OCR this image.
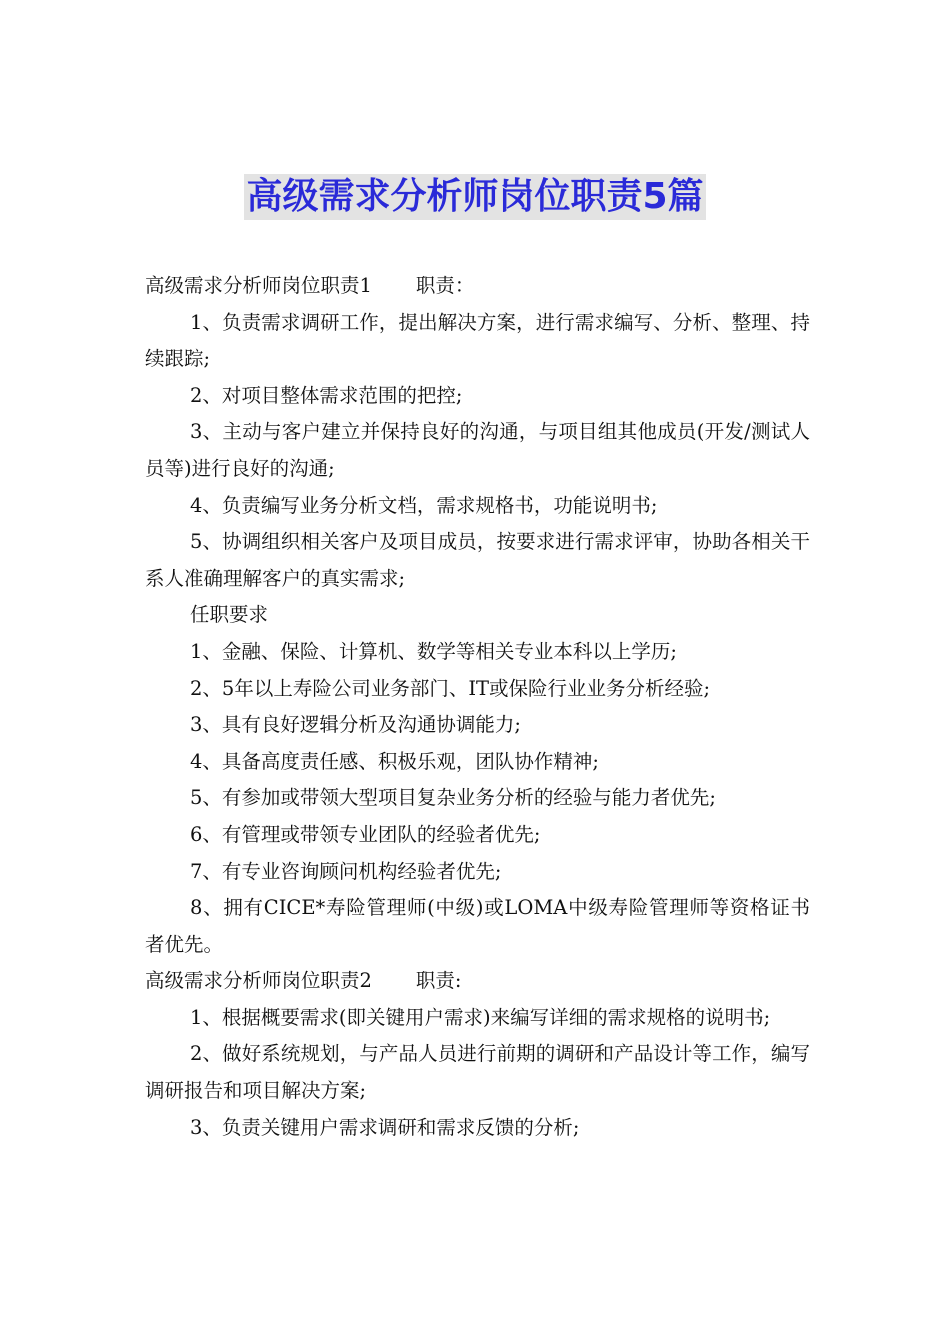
高级需求分析师岗位职责5篇

高级需求分析师岗位职责1 职责：

1、负责需求调研工作，提出解决方案，进行需求编写、分析、整理、持续跟踪;

2、对项目整体需求范围的把控;

3、主动与客户建立并保持良好的沟通，与项目组其他成员(开发/测试人员等)进行良好的沟通;

4、负责编写业务分析文档，需求规格书，功能说明书;

5、协调组织相关客户及项目成员，按要求进行需求评审，协助各相关干系人准确理解客户的真实需求;

任职要求

1、金融、保险、计算机、数学等相关专业本科以上学历;

2、5年以上寿险公司业务部门、IT或保险行业业务分析经验;

3、具有良好逻辑分析及沟通协调能力;

4、具备高度责任感、积极乐观，团队协作精神;

5、有参加或带领大型项目复杂业务分析的经验与能力者优先;

6、有管理或带领专业团队的经验者优先;

7、有专业咨询顾问机构经验者优先;

8、拥有CICE*寿险管理师(中级)或LOMA中级寿险管理师等资格证书者优先。

高级需求分析师岗位职责2 职责:

1、根据概要需求(即关键用户需求)来编写详细的需求规格的说明书;

2、做好系统规划，与产品人员进行前期的调研和产品设计等工作，编写调研报告和项目解决方案;

3、负责关键用户需求调研和需求反馈的分析;
